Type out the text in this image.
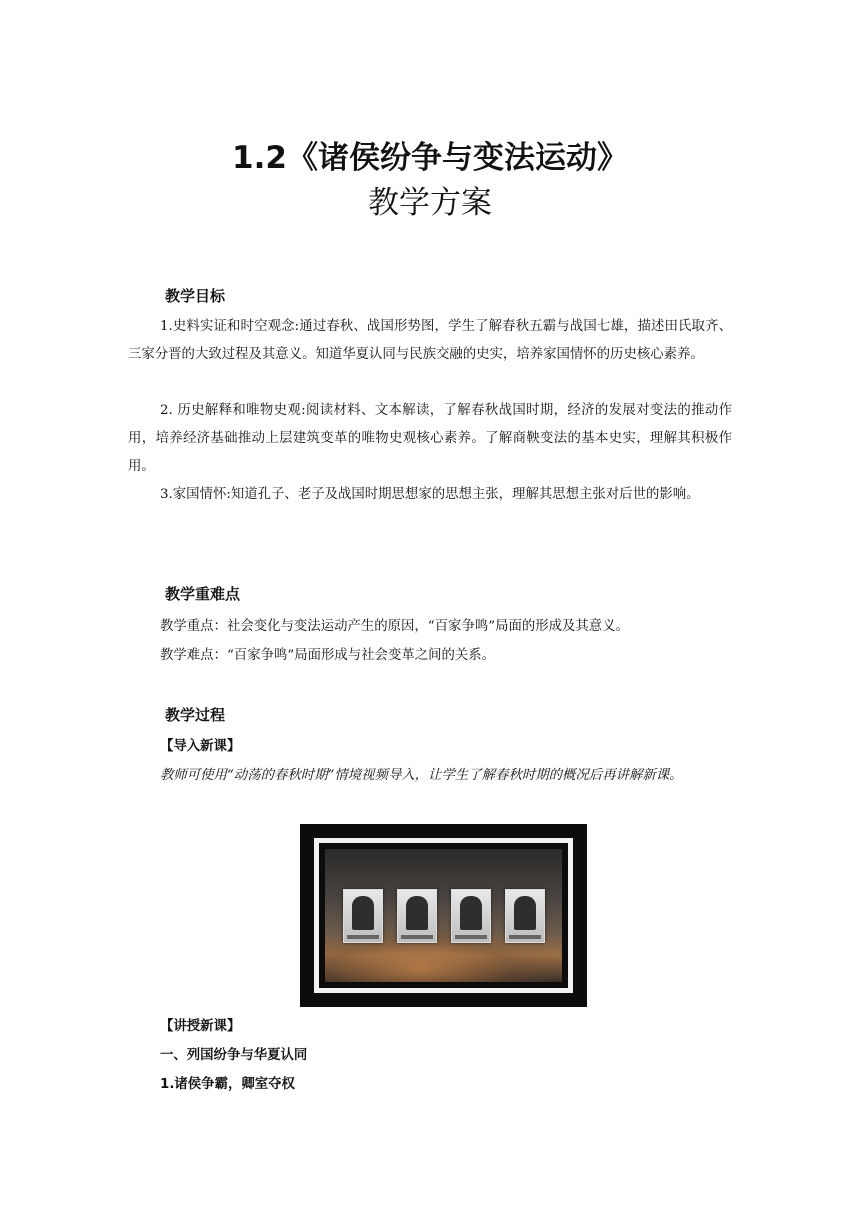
1.2《诸侯纷争与变法运动》
教学方案
教学目标

1.史料实证和时空观念:通过春秋、战国形势图，学生了解春秋五霸与战国七雄，描述田氏取齐、三家分晋的大致过程及其意义。知道华夏认同与民族交融的史实，培养家国情怀的历史核心素养。

2. 历史解释和唯物史观:阅读材料、文本解读，了解春秋战国时期，经济的发展对变法的推动作用，培养经济基础推动上层建筑变革的唯物史观核心素养。了解商鞅变法的基本史实，理解其积极作用。

3.家国情怀:知道孔子、老子及战国时期思想家的思想主张，理解其思想主张对后世的影响。

教学重难点

教学重点：社会变化与变法运动产生的原因，“百家争鸣”局面的形成及其意义。

教学难点：“百家争鸣”局面形成与社会变革之间的关系。

教学过程
【导入新课】

教师可使用“动荡的春秋时期”情境视频导入，让学生了解春秋时期的概况后再讲解新课。

【讲授新课】
一、列国纷争与华夏认同
1.诸侯争霸，卿室夺权
